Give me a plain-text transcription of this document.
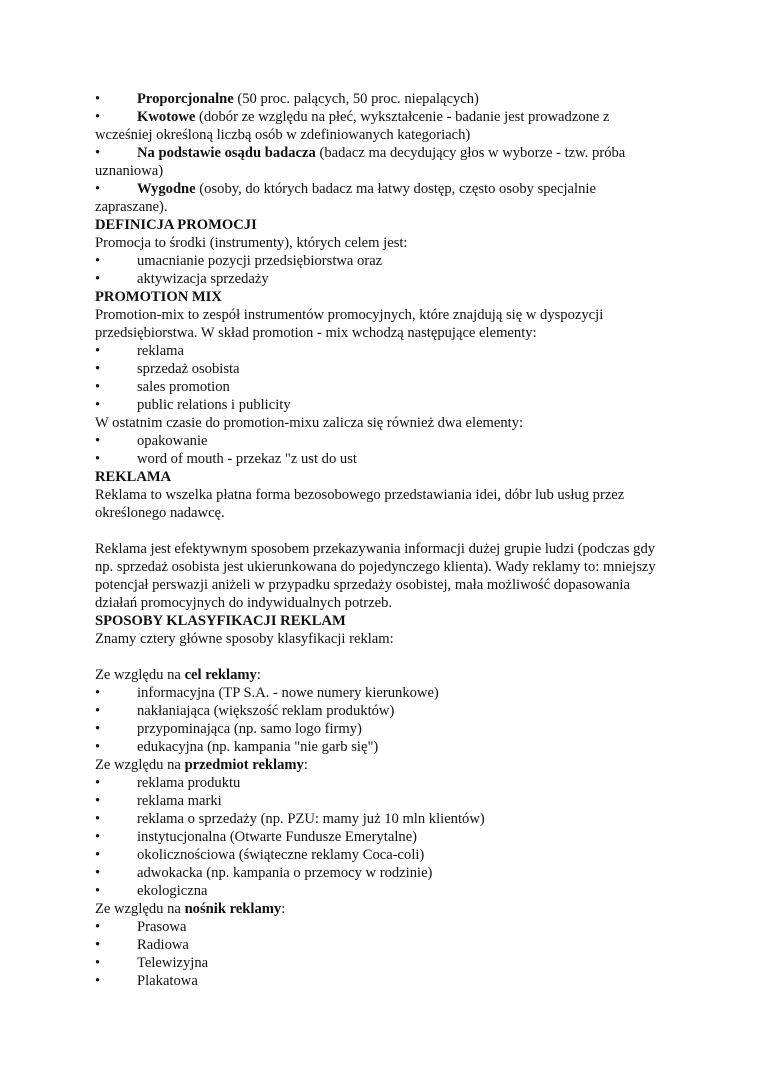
•	Proporcjonalne (50 proc. palących, 50 proc. niepalących)
•	Kwotowe (dobór ze względu na płeć, wykształcenie - badanie jest prowadzone z wcześniej określoną liczbą osób w zdefiniowanych kategoriach)
•	Na podstawie osądu badacza (badacz ma decydujący głos w wyborze - tzw. próba uznaniowa)
•	Wygodne (osoby, do których badacz ma łatwy dostęp, często osoby specjalnie zapraszane).
DEFINICJA PROMOCJI

Promocja to środki (instrumenty), których celem jest:

•	umacnianie pozycji przedsiębiorstwa oraz
•	aktywizacja sprzedaży
PROMOTION MIX

Promotion-mix to zespół instrumentów promocyjnych, które znajdują się w dyspozycji przedsiębiorstwa. W skład promotion - mix wchodzą następujące elementy:

•	reklama
•	sprzedaż osobista
•	sales promotion
•	public relations i publicity

W ostatnim czasie do promotion-mixu zalicza się również dwa elementy:

•	opakowanie
•	word of mouth - przekaz "z ust do ust
REKLAMA

Reklama to wszelka płatna forma bezosobowego przedstawiania idei, dóbr lub usług przez określonego nadawcę.

Reklama jest efektywnym sposobem przekazywania informacji dużej grupie ludzi (podczas gdy np. sprzedaż osobista jest ukierunkowana do pojedynczego klienta). Wady reklamy to: mniejszy potencjał perswazji aniżeli w przypadku sprzedaży osobistej, mała możliwość dopasowania działań promocyjnych do indywidualnych potrzeb.

SPOSOBY KLASYFIKACJI REKLAM

Znamy cztery główne sposoby klasyfikacji reklam:

Ze względu na cel reklamy:

•	informacyjna (TP S.A. - nowe numery kierunkowe)
•	nakłaniająca (większość reklam produktów)
•	przypominająca (np. samo logo firmy)
•	edukacyjna (np. kampania "nie garb się")

Ze względu na przedmiot reklamy:

•	reklama produktu
•	reklama marki
•	reklama o sprzedaży (np. PZU: mamy już 10 mln klientów)
•	instytucjonalna (Otwarte Fundusze Emerytalne)
•	okolicznościowa (świąteczne reklamy Coca-coli)
•	adwokacka (np. kampania o przemocy w rodzinie)
•	ekologiczna

Ze względu na nośnik reklamy:

•	Prasowa
•	Radiowa
•	Telewizyjna
•	Plakatowa
